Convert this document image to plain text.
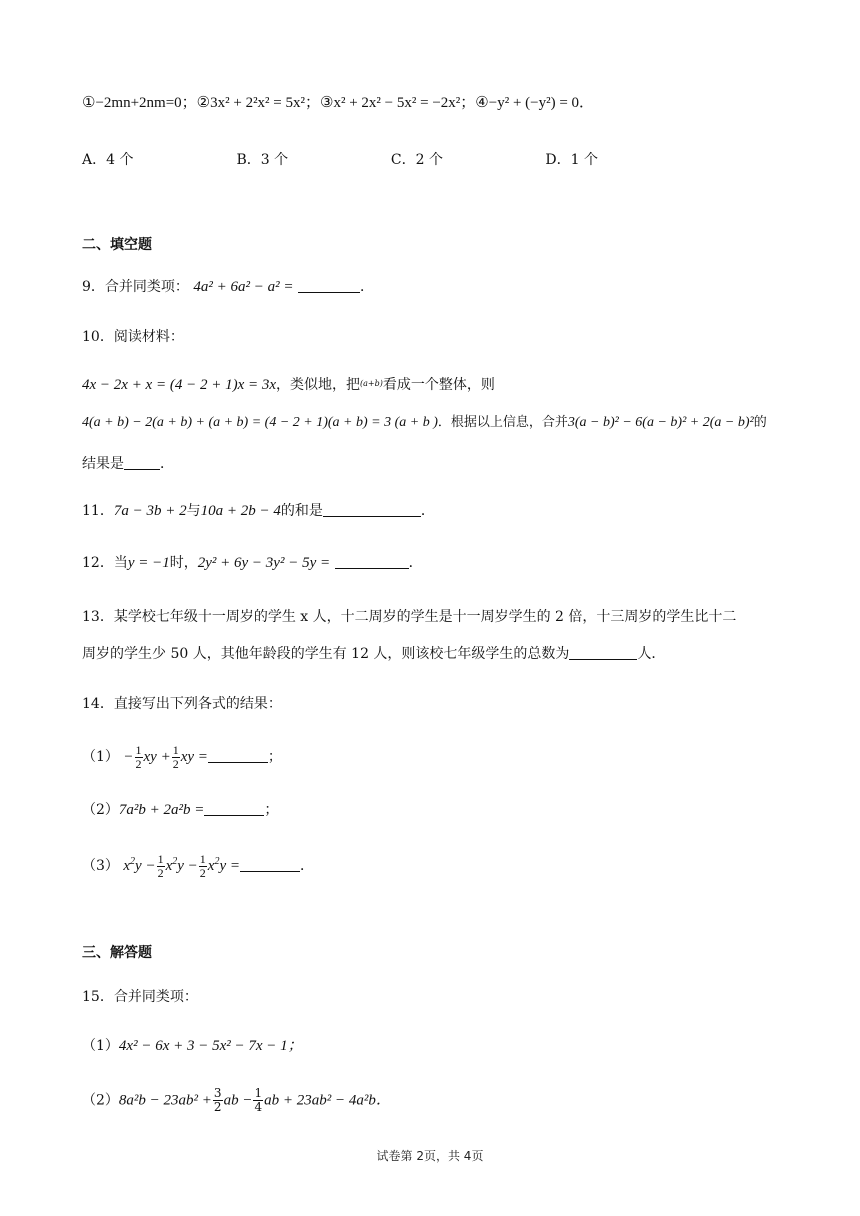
①−2mn+2nm=0；②3x² + 2²x² = 5x²；③x² + 2x² − 5x² = −2x²；④−y² + (−y²) = 0．
A．4 个	B．3 个	C．2 个	D．1 个
二、填空题
9．合并同类项： 4a² + 6a² − a² =	．
10．阅读材料：
4x − 2x + x = (4 − 2 + 1)x = 3x，类似地，把$^{(a+b)}$看成一个整体，则
4(a + b) − 2(a + b) + (a + b) = (4 − 2 + 1)(a + b) = 3 (a + b )．根据以上信息，合并3(a − b)² − 6(a − b)² + 2(a − b)²的
结果是	．
11．7a − 3b + 2与10a + 2b − 4的和是	．
12．当y = −1时，2y² + 6y − 3y² − 5y =	．
13．某学校七年级十一周岁的学生 x 人，十二周岁的学生是十一周岁学生的 2 倍，十三周岁的学生比十二
周岁的学生少 50 人，其他年龄段的学生有 12 人，则该校七年级学生的总数为	人．
14．直接写出下列各式的结果：
$(1) - \frac{1}{2}$ xy + $\frac{1}{2}$ xy =	；
（2）7a²b + 2a²b =	；
（3） $x^2y - \frac{1}{2} x^2y - \frac{1}{2} x^2y$ =	．
三、解答题
15．合并同类项：
（1）4x² − 6x + 3 − 5x² − 7x − 1；
$(2)8a^2b - 23ab^2 + \frac{3}{2}$ ab − $\frac{1}{4}$ ab + 23ab² − 4a²b．
试卷第 2页，共 4页
